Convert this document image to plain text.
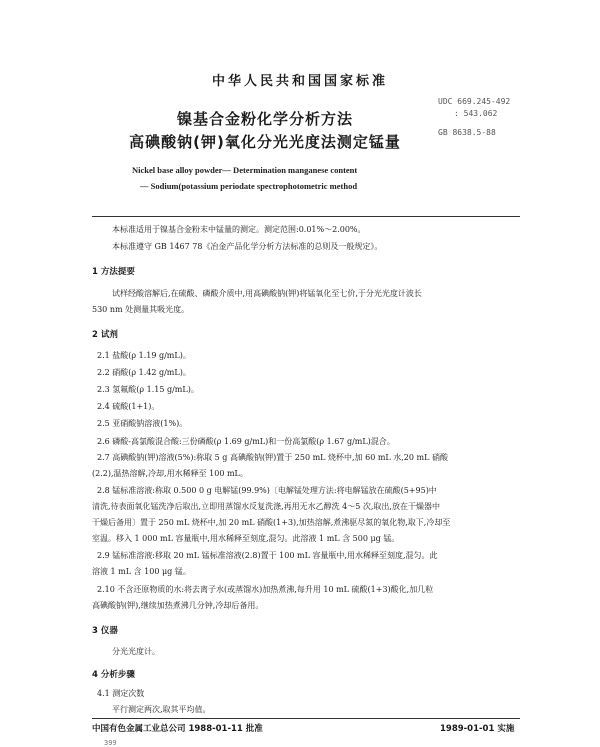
中华人民共和国国家标准
镍基合金粉化学分析方法
高碘酸钠(钾)氧化分光光度法测定锰量
UDC 669.245-492
: 543.062
GB 8638.5-88
Nickel base alloy powder— Determination manganese content
— Sodium(potassium periodate spectrophotometric method
本标准适用于镍基合金粉末中锰量的测定。测定范围:0.01%～2.00%。
本标准遵守 GB 1467 78《冶金产品化学分析方法标准的总则及一般规定》。
1 方法提要
试样经酸溶解后,在硫酸、磷酸介质中,用高碘酸钠(钾)将锰氧化至七价,于分光光度计波长
530 nm 处测量其吸光度。
2 试剂
2.1 盐酸(ρ 1.19 g/mL)。
2.2 硝酸(ρ 1.42 g/mL)。
2.3 氢氟酸(ρ 1.15 g/mL)。
2.4 硫酸(1+1)。
2.5 亚硝酸钠溶液(1%)。
2.6 磷酸-高氯酸混合酸:三份磷酸(ρ 1.69 g/mL)和一份高氯酸(ρ 1.67 g/mL)混合。
2.7 高碘酸钠(钾)溶液(5%):称取 5 g 高碘酸钠(钾)置于 250 mL 烧杯中,加 60 mL 水,20 mL 硝酸
(2.2),温热溶解,冷却,用水稀释至 100 mL。
2.8 锰标准溶液:称取 0.500 0 g 电解锰(99.9%)〔电解锰处理方法:将电解锰放在硫酸(5+95)中
清洗,待表面氧化锰洗净后取出,立即用蒸馏水反复洗涤,再用无水乙醇洗 4～5 次,取出,放在干燥器中
干燥后备用〕置于 250 mL 烧杯中,加 20 mL 硝酸(1+3),加热溶解,煮沸驱尽氮的氧化物,取下,冷却至
室温。移入 1 000 mL 容量瓶中,用水稀释至刻度,混匀。此溶液 1 mL 含 500 μg 锰。
2.9 锰标准溶液:移取 20 mL 锰标准溶液(2.8)置于 100 mL 容量瓶中,用水稀释至刻度,混匀。此
溶液 1 mL 含 100 μg 锰。
2.10 不含还原物质的水:将去离子水(或蒸馏水)加热煮沸,每升用 10 mL 硫酸(1+3)酸化,加几粒
高碘酸钠(钾),继续加热煮沸几分钟,冷却后备用。
3 仪器
分光光度计。
4 分析步骤
4.1 测定次数
平行测定两次,取其平均值。
中国有色金属工业总公司 1988-01-11 批准	1989-01-01 实施
399
